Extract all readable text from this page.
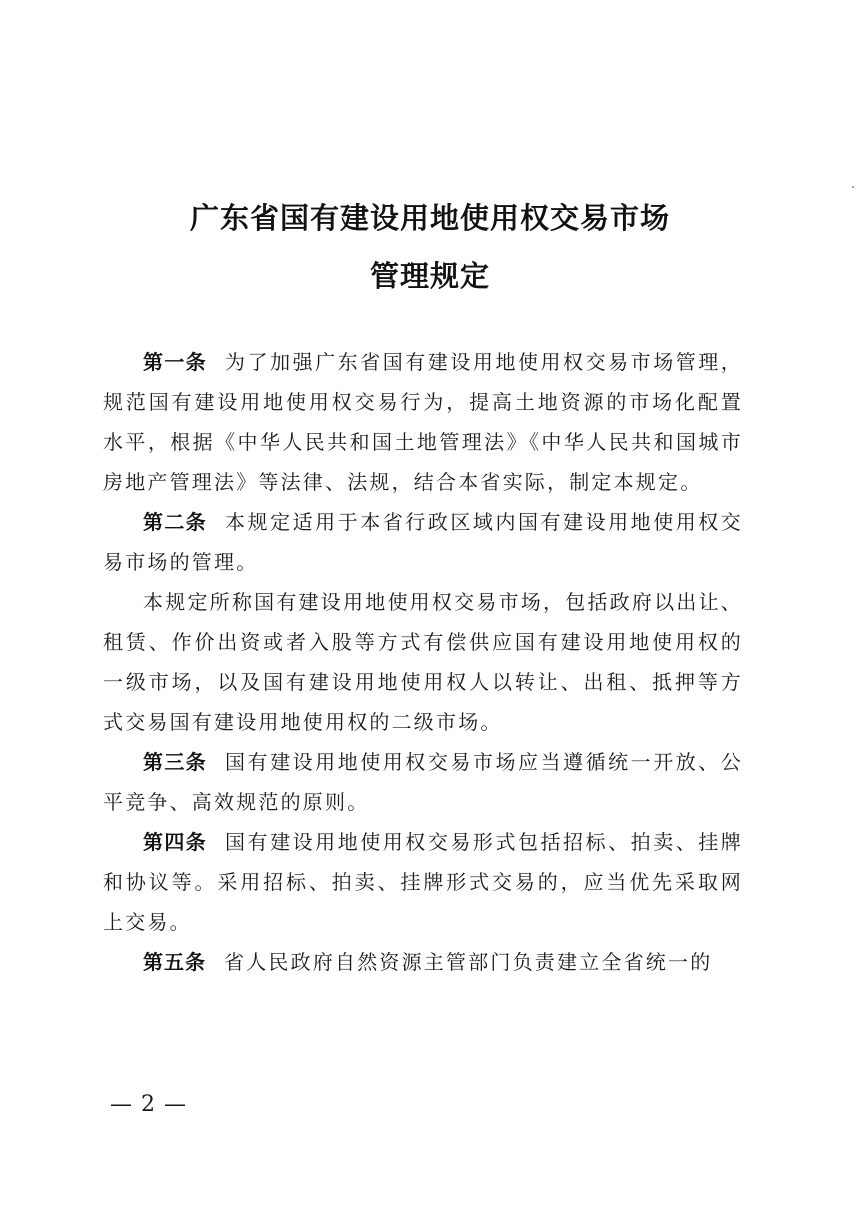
广东省国有建设用地使用权交易市场
管理规定

第一条 为了加强广东省国有建设用地使用权交易市场管理，规范国有建设用地使用权交易行为，提高土地资源的市场化配置水平，根据《中华人民共和国土地管理法》《中华人民共和国城市房地产管理法》等法律、法规，结合本省实际，制定本规定。

第二条 本规定适用于本省行政区域内国有建设用地使用权交易市场的管理。

本规定所称国有建设用地使用权交易市场，包括政府以出让、租赁、作价出资或者入股等方式有偿供应国有建设用地使用权的一级市场，以及国有建设用地使用权人以转让、出租、抵押等方式交易国有建设用地使用权的二级市场。

第三条 国有建设用地使用权交易市场应当遵循统一开放、公平竞争、高效规范的原则。

第四条 国有建设用地使用权交易形式包括招标、拍卖、挂牌和协议等。采用招标、拍卖、挂牌形式交易的，应当优先采取网上交易。

第五条 省人民政府自然资源主管部门负责建立全省统一的

— 2 —
